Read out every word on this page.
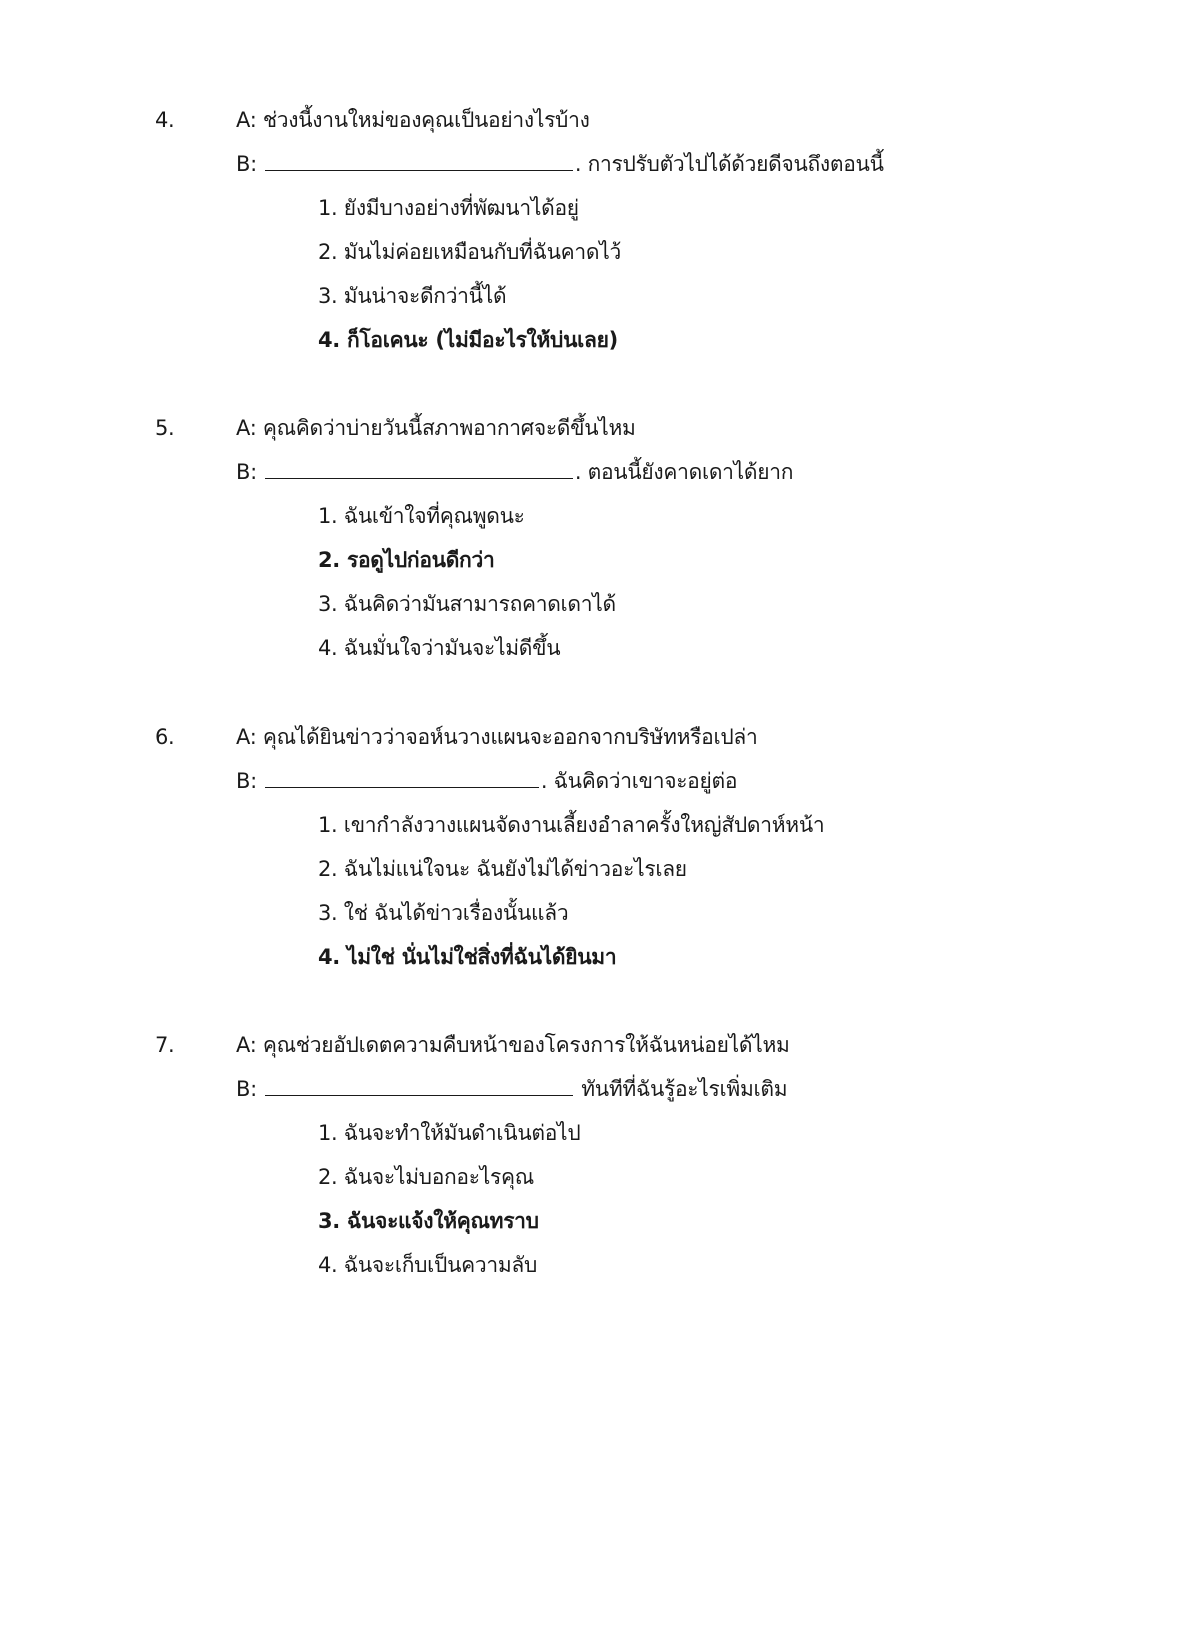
4.	A: ช่วงนี้งานใหม่ของคุณเป็นอย่างไรบ้าง
B:	. การปรับตัวไปได้ด้วยดีจนถึงตอนนี้
1. ยังมีบางอย่างที่พัฒนาได้อยู่
2. มันไม่ค่อยเหมือนกับที่ฉันคาดไว้
3. มันน่าจะดีกว่านี้ได้
4. ก็โอเคนะ (ไม่มีอะไรให้บ่นเลย)
5.	A: คุณคิดว่าบ่ายวันนี้สภาพอากาศจะดีขึ้นไหม
B:	. ตอนนี้ยังคาดเดาได้ยาก
1. ฉันเข้าใจที่คุณพูดนะ
2. รอดูไปก่อนดีกว่า
3. ฉันคิดว่ามันสามารถคาดเดาได้
4. ฉันมั่นใจว่ามันจะไม่ดีขึ้น
6.	A: คุณได้ยินข่าวว่าจอห์นวางแผนจะออกจากบริษัทหรือเปล่า
B:	. ฉันคิดว่าเขาจะอยู่ต่อ
1. เขากำลังวางแผนจัดงานเลี้ยงอำลาครั้งใหญ่สัปดาห์หน้า
2. ฉันไม่แน่ใจนะ ฉันยังไม่ได้ข่าวอะไรเลย
3. ใช่ ฉันได้ข่าวเรื่องนั้นแล้ว
4. ไม่ใช่ นั่นไม่ใช่สิ่งที่ฉันได้ยินมา
7.	A: คุณช่วยอัปเดตความคืบหน้าของโครงการให้ฉันหน่อยได้ไหม
B:	ทันทีที่ฉันรู้อะไรเพิ่มเติม
1. ฉันจะทำให้มันดำเนินต่อไป
2. ฉันจะไม่บอกอะไรคุณ
3. ฉันจะแจ้งให้คุณทราบ
4. ฉันจะเก็บเป็นความลับ
